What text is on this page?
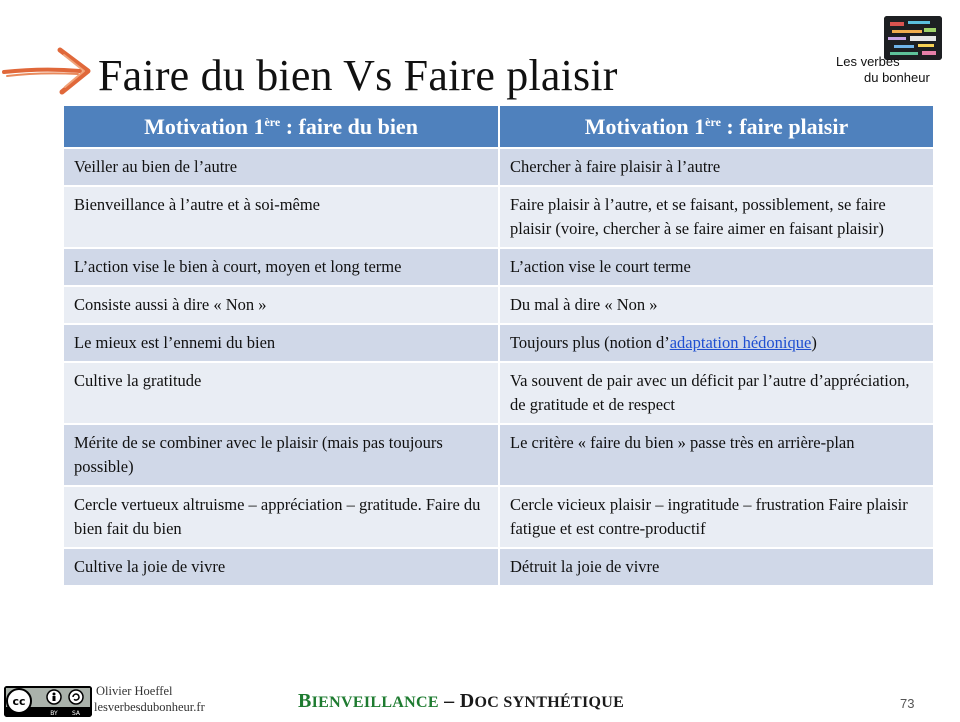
Faire du bien Vs Faire plaisir	Les verbes
du bonheur
Motivation 1ère : faire du bien	Motivation 1ère : faire plaisir
Veiller au bien de l’autre	Chercher à faire plaisir à l’autre
Bienveillance à l’autre et à soi-même	Faire plaisir à l’autre, et se faisant, possiblement, se faire plaisir (voire, chercher à se faire aimer en faisant plaisir)
L’action vise le bien à court, moyen et long terme	L’action vise le court terme
Consiste aussi à dire « Non »	Du mal à dire « Non »
Le mieux est l’ennemi du bien	Toujours plus (notion d’adaptation hédonique)
Cultive la gratitude	Va souvent de pair avec un déficit par l’autre d’appréciation, de gratitude et de respect
Mérite de se combiner avec le plaisir (mais pas toujours possible)	Le critère « faire du bien » passe très en arrière-plan
Cercle vertueux altruisme – appréciation – gratitude. Faire du bien fait du bien	Cercle vicieux plaisir – ingratitude – frustration Faire plaisir fatigue et est contre-productif
Cultive la joie de vivre	Détruit la joie de vivre
cc
BY SA
Olivier Hoeffel
lesverbesdubonheur.fr	BIENVEILLANCE – DOC SYNTHÉTIQUE	73
